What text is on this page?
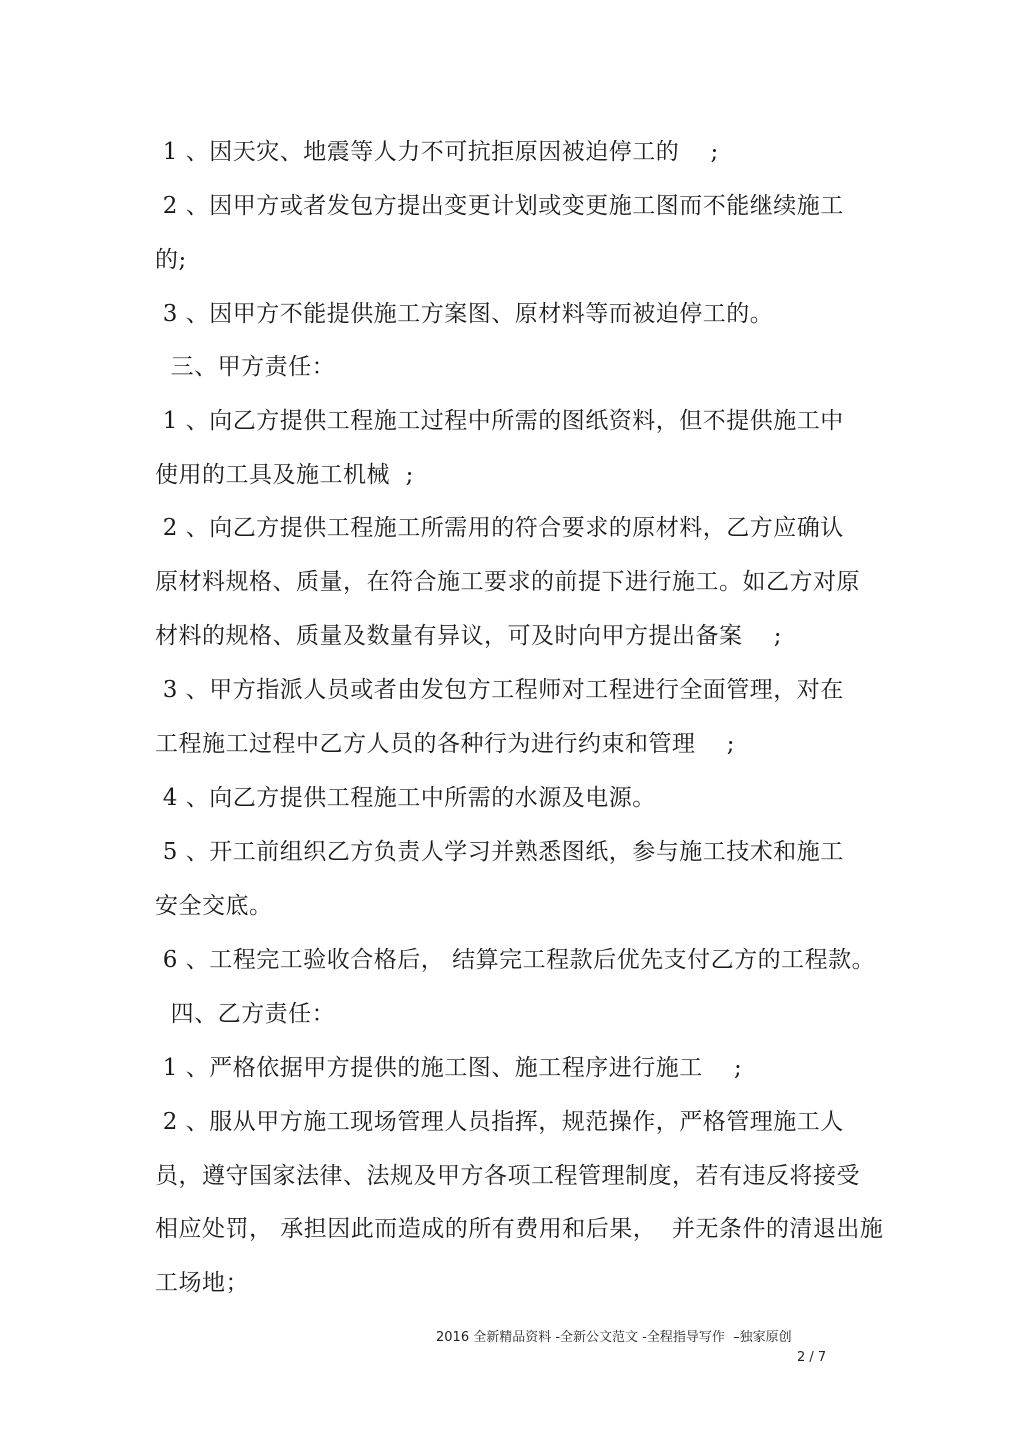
1 、因天灾、地震等人力不可抗拒原因被迫停工的    ;
2 、因甲方或者发包方提出变更计划或变更施工图而不能继续施工
的;
3 、因甲方不能提供施工方案图、原材料等而被迫停工的。
三、甲方责任：
1 、向乙方提供工程施工过程中所需的图纸资料，但不提供施工中
使用的工具及施工机械  ;
2 、向乙方提供工程施工所需用的符合要求的原材料，乙方应确认
原材料规格、质量，在符合施工要求的前提下进行施工。如乙方对原
材料的规格、质量及数量有异议，可及时向甲方提出备案    ;
3 、甲方指派人员或者由发包方工程师对工程进行全面管理，对在
工程施工过程中乙方人员的各种行为进行约束和管理    ;
4 、向乙方提供工程施工中所需的水源及电源。
5 、开工前组织乙方负责人学习并熟悉图纸，参与施工技术和施工
安全交底。
6 、工程完工验收合格后， 结算完工程款后优先支付乙方的工程款。
四、乙方责任：
1 、严格依据甲方提供的施工图、施工程序进行施工    ;
2 、服从甲方施工现场管理人员指挥，规范操作，严格管理施工人
员，遵守国家法律、法规及甲方各项工程管理制度，若有违反将接受
相应处罚， 承担因此而造成的所有费用和后果，  并无条件的清退出施
工场地；
2016 全新精品资料 -全新公文范文 -全程指导写作  –独家原创
2 / 7
